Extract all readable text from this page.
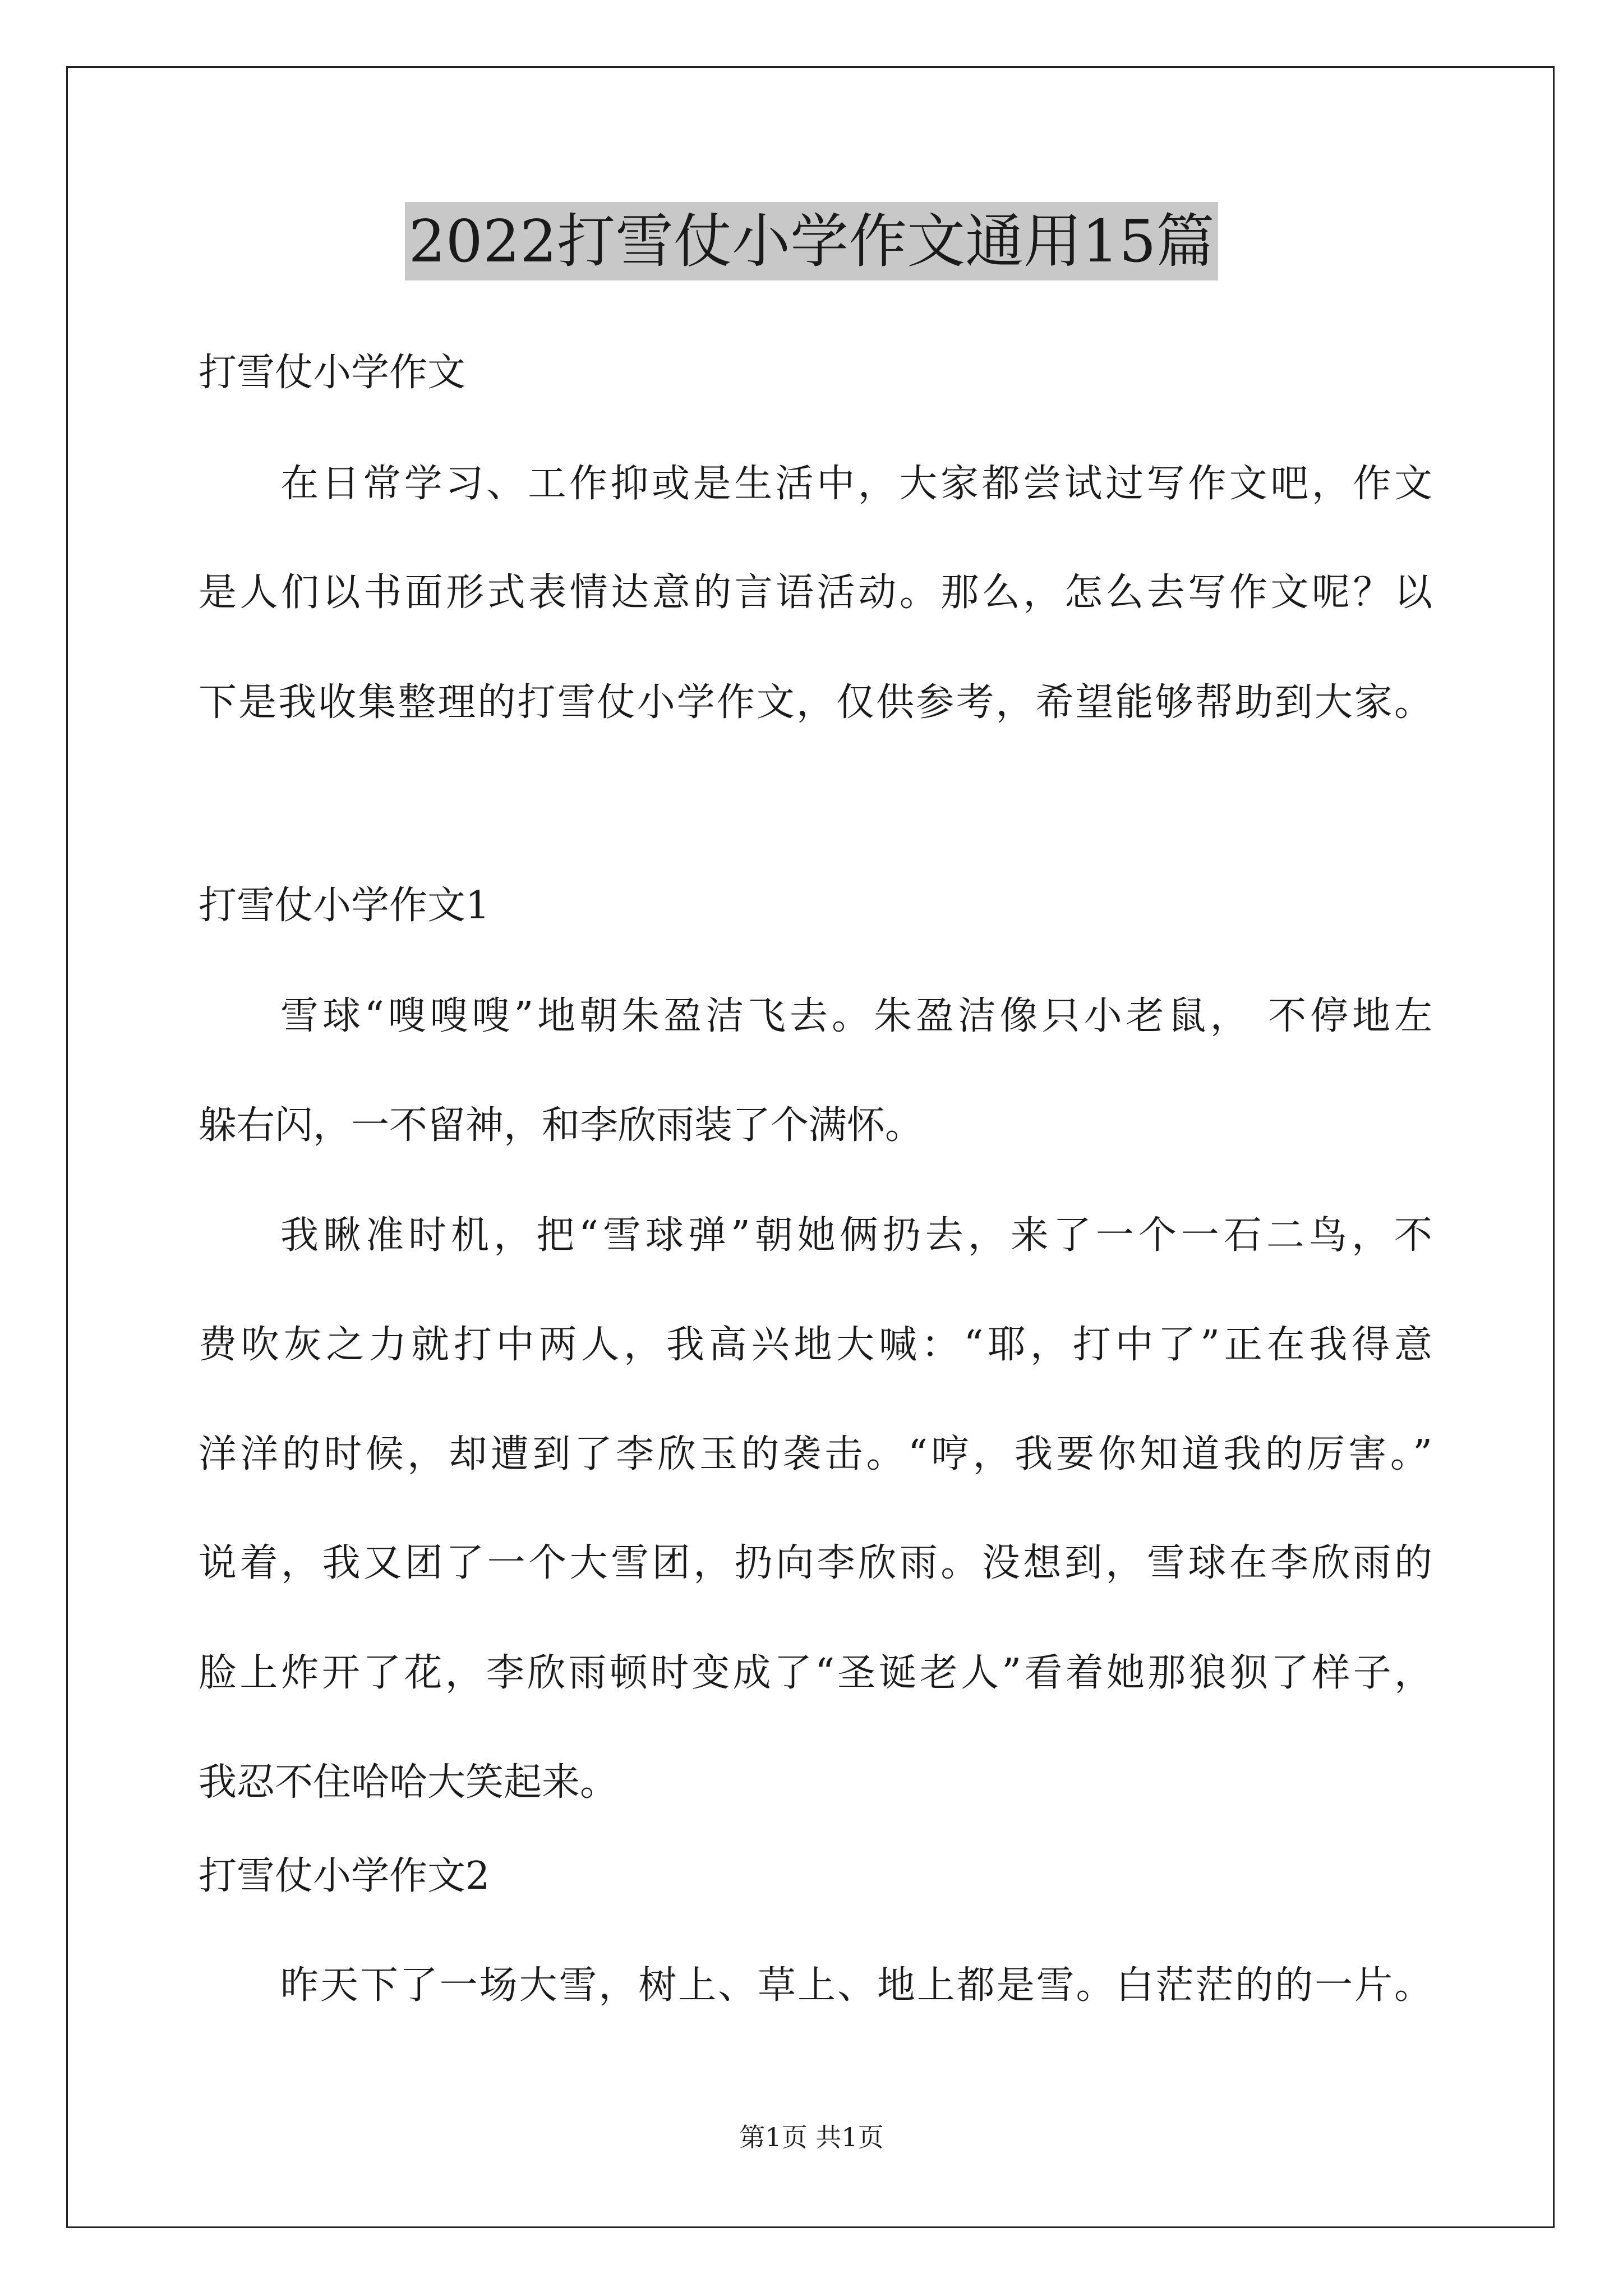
2022打雪仗小学作文通用15篇
打雪仗小学作文
在日常学习、工作抑或是生活中，大家都尝试过写作文吧，作文
是人们以书面形式表情达意的言语活动。那么，怎么去写作文呢？以
下是我收集整理的打雪仗小学作文，仅供参考，希望能够帮助到大家。
打雪仗小学作文1
雪球“嗖嗖嗖”地朝朱盈洁飞去。朱盈洁像只小老鼠， 不停地左
躲右闪，一不留神，和李欣雨装了个满怀。
我瞅准时机，把“雪球弹”朝她俩扔去，来了一个一石二鸟，不
费吹灰之力就打中两人，我高兴地大喊：“耶，打中了”正在我得意
洋洋的时候，却遭到了李欣玉的袭击。“哼，我要你知道我的厉害。”
说着，我又团了一个大雪团，扔向李欣雨。没想到，雪球在李欣雨的
脸上炸开了花，李欣雨顿时变成了“圣诞老人”看着她那狼狈了样子，
我忍不住哈哈大笑起来。
打雪仗小学作文2
昨天下了一场大雪，树上、草上、地上都是雪。白茫茫的的一片。
第1页 共1页
